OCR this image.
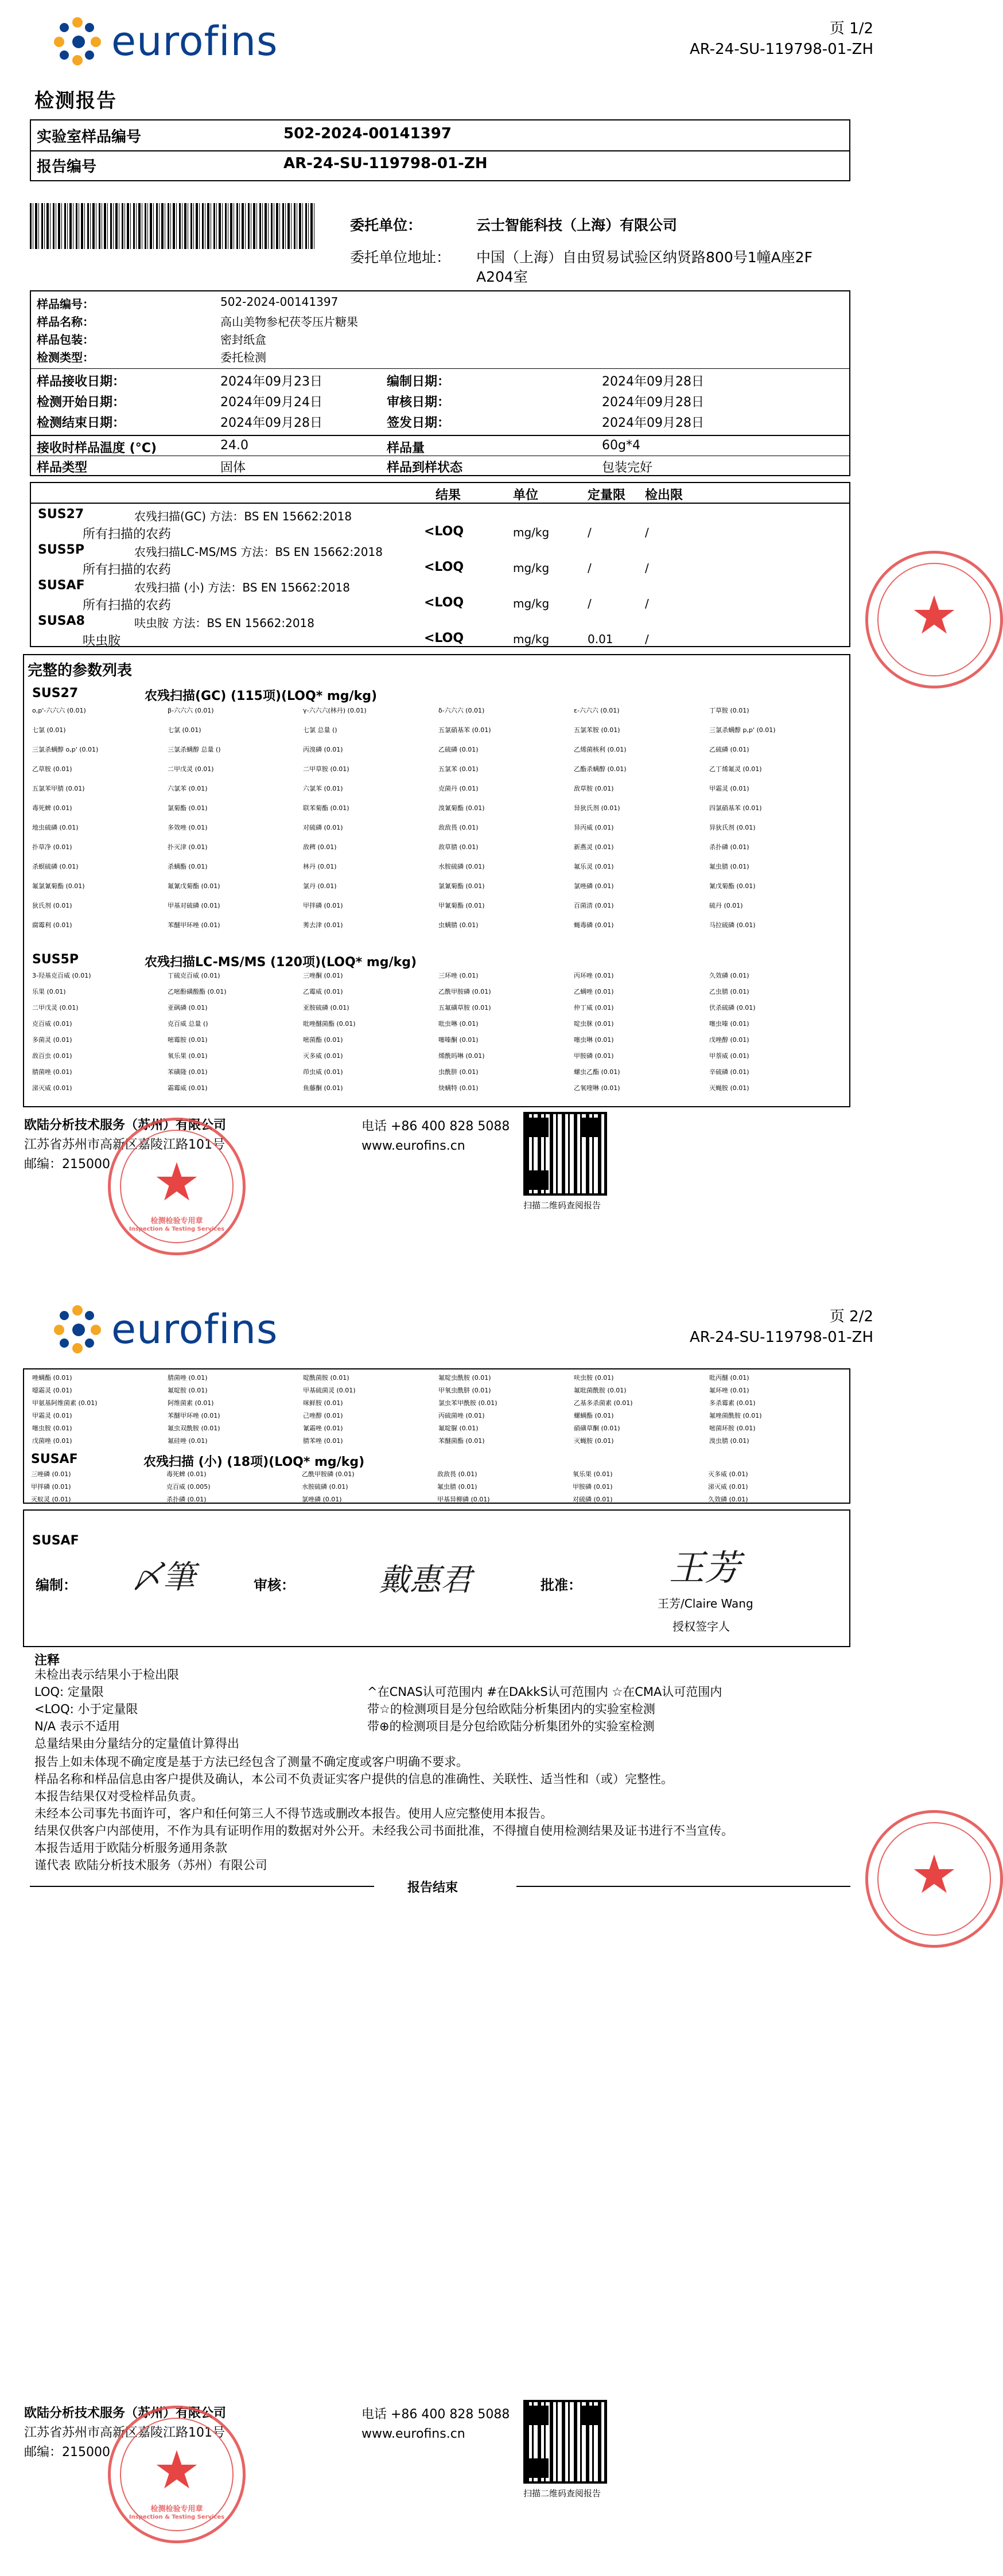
eurofins	页 1/2
AR-24-SU-119798-01-ZH
检测报告
实验室样品编号	502-2024-00141397
报告编号	AR-24-SU-119798-01-ZH
委托单位：	云士智能科技（上海）有限公司
委托单位地址： 中国（上海）自由贸易试验区纳贤路800号1幢A座2F
A204室
样品编号：	502-2024-00141397
样品名称：	高山美物参杞茯苓压片糖果
样品包装：	密封纸盒
检测类型：	委托检测
样品接收日期：	2024年09月23日	编制日期：	2024年09月28日
检测开始日期：	2024年09月24日	审核日期：	2024年09月28日
检测结束日期：	2024年09月28日	签发日期：	2024年09月28日
接收时样品温度 (°C)	24.0	样品量	60g*4
样品类型	固体	样品到样状态	包装完好
结果	单位	定量限 检出限
SUS27	农残扫描(GC) 方法：BS EN 15662:2018
所有扫描的农药	<LOQ	mg/kg	/	/
SUS5P	农残扫描LC-MS/MS 方法：BS EN 15662:2018
所有扫描的农药	<LOQ	mg/kg	/	/
SUSAF	农残扫描 (小) 方法：BS EN 15662:2018
所有扫描的农药	<LOQ	mg/kg	/	/
SUSA8	呋虫胺 方法：BS EN 15662:2018
呋虫胺	<LOQ	mg/kg	0.01	/
完整的参数列表
SUS27	农残扫描(GC) (115项)(LOQ* mg/kg)
o,p'-六六六 (0.01)	β-六六六 (0.01)	γ-六六六(林丹) (0.01)	δ-六六六 (0.01)	ε-六六六 (0.01)	丁草胺 (0.01)
七氯 (0.01)	七氯 (0.01)	七氯 总量 ()	五氯硝基苯 (0.01)	五氯苯胺 (0.01)	三氯杀螨醇 p,p' (0.01)
三氯杀螨醇 o,p' (0.01)	三氯杀螨醇 总量 ()	丙溴磷 (0.01)	乙硫磷 (0.01)	乙烯菌核利 (0.01)	乙硫磷 (0.01)
乙草胺 (0.01)	二甲戊灵 (0.01)	二甲草胺 (0.01)	五氯苯 (0.01)	乙酯杀螨醇 (0.01)	乙丁烯氟灵 (0.01)
五氯苯甲腈 (0.01)	六氯苯 (0.01)	六氯苯 (0.01)	克菌丹 (0.01)	敌草胺 (0.01)	甲霜灵 (0.01)
毒死蜱 (0.01)	氯菊酯 (0.01)	联苯菊酯 (0.01)	溴氰菊酯 (0.01)	异狄氏剂 (0.01)	四氯硝基苯 (0.01)
地虫硫磷 (0.01)	多效唑 (0.01)	对硫磷 (0.01)	敌敌畏 (0.01)	异丙威 (0.01)	异狄氏剂 (0.01)
扑草净 (0.01)	扑灭津 (0.01)	敌稗 (0.01)	敌草腈 (0.01)	新燕灵 (0.01)	杀扑磷 (0.01)
杀螟硫磷 (0.01)	杀螨酯 (0.01)	林丹 (0.01)	水胺硫磷 (0.01)	氟乐灵 (0.01)	氟虫腈 (0.01)
氟氯氰菊酯 (0.01)	氟氰戊菊酯 (0.01)	氯丹 (0.01)	氯氰菊酯 (0.01)	氯唑磷 (0.01)	氰戊菊酯 (0.01)
狄氏剂 (0.01)	甲基对硫磷 (0.01)	甲拌磷 (0.01)	甲氰菊酯 (0.01)	百菌清 (0.01)	硫丹 (0.01)
腐霉利 (0.01)	苯醚甲环唑 (0.01)	莠去津 (0.01)	虫螨腈 (0.01)	蝇毒磷 (0.01)	马拉硫磷 (0.01)
SUS5P	农残扫描LC-MS/MS (120项)(LOQ* mg/kg)
3-羟基克百威 (0.01)	丁硫克百威 (0.01)	三唑酮 (0.01)	三环唑 (0.01)	丙环唑 (0.01)	久效磷 (0.01)
乐果 (0.01)	乙嘧酚磺酸酯 (0.01)	乙霉威 (0.01)	乙酰甲胺磷 (0.01)	乙螨唑 (0.01)	乙虫腈 (0.01)
二甲戊灵 (0.01)	亚砜磷 (0.01)	亚胺硫磷 (0.01)	五氟磺草胺 (0.01)	仲丁威 (0.01)	伏杀硫磷 (0.01)
克百威 (0.01)	克百威 总量 ()	吡唑醚菌酯 (0.01)	吡虫啉 (0.01)	啶虫脒 (0.01)	噻虫嗪 (0.01)
多菌灵 (0.01)	嘧霉胺 (0.01)	嘧菌酯 (0.01)	噻嗪酮 (0.01)	噻虫啉 (0.01)	戊唑醇 (0.01)
敌百虫 (0.01)	氧乐果 (0.01)	灭多威 (0.01)	烯酰吗啉 (0.01)	甲胺磷 (0.01)	甲萘威 (0.01)
腈菌唑 (0.01)	苯磺隆 (0.01)	茚虫威 (0.01)	虫酰肼 (0.01)	螺虫乙酯 (0.01)	辛硫磷 (0.01)
涕灭威 (0.01)	霜霉威 (0.01)	鱼藤酮 (0.01)	炔螨特 (0.01)	乙氧喹啉 (0.01)	灭蝇胺 (0.01)
欧陆分析技术服务（苏州）有限公司
江苏省苏州市高新区嘉陵江路101号
邮编：215000
电话 +86 400 828 5088
www.eurofins.cn
扫描二维码查阅报告
★
检测检验专用章
Inspection & Testing Services
★
eurofins	页 2/2
AR-24-SU-119798-01-ZH
唑螨酯 (0.01)	腈菌唑 (0.01)	啶酰菌胺 (0.01)	氟啶虫酰胺 (0.01)	呋虫胺 (0.01)	吡丙醚 (0.01)
噁霜灵 (0.01)	氟啶胺 (0.01)	甲基硫菌灵 (0.01)	甲氧虫酰肼 (0.01)	氟吡菌酰胺 (0.01)	氟环唑 (0.01)
甲氨基阿维菌素 (0.01)	阿维菌素 (0.01)	咪鲜胺 (0.01)	氯虫苯甲酰胺 (0.01)	乙基多杀菌素 (0.01)	多杀霉素 (0.01)
甲霜灵 (0.01)	苯醚甲环唑 (0.01)	己唑醇 (0.01)	丙硫菌唑 (0.01)	螺螨酯 (0.01)	氟唑菌酰胺 (0.01)
噻虫胺 (0.01)	氟虫双酰胺 (0.01)	氰霜唑 (0.01)	氟啶脲 (0.01)	硝磺草酮 (0.01)	嘧菌环胺 (0.01)
戊菌唑 (0.01)	氟硅唑 (0.01)	腈苯唑 (0.01)	苯醚菌酯 (0.01)	灭蝇胺 (0.01)	溴虫腈 (0.01)
SUSAF
SUSAF	农残扫描 (小) (18项)(LOQ* mg/kg)
三唑磷 (0.01)	毒死蜱 (0.01)	乙酰甲胺磷 (0.01)	敌敌畏 (0.01)	氧乐果 (0.01)	灭多威 (0.01)
甲拌磷 (0.01)	克百威 (0.005)	水胺硫磷 (0.01)	氟虫腈 (0.01)	甲胺磷 (0.01)	涕灭威 (0.01)
灭蚁灵 (0.01)	杀扑磷 (0.01)	氯唑磷 (0.01)	甲基异柳磷 (0.01)	对硫磷 (0.01)	久效磷 (0.01)
编制： 〆筆	审核：	戴惠君	批准： 王芳
王芳/Claire Wang
授权签字人
注释
未检出表示结果小于检出限
LOQ: 定量限
<LOQ: 小于定量限
N/A 表示不适用
总量结果由分量结分的定量值计算得出
^在CNAS认可范围内 #在DAkkS认可范围内 ☆在CMA认可范围内
带☆的检测项目是分包给欧陆分析集团内的实验室检测
带⊕的检测项目是分包给欧陆分析集团外的实验室检测
报告上如未体现不确定度是基于方法已经包含了测量不确定度或客户明确不要求。
样品名称和样品信息由客户提供及确认，本公司不负责证实客户提供的信息的准确性、关联性、适当性和（或）完整性。
本报告结果仅对受检样品负责。
未经本公司事先书面许可，客户和任何第三人不得节选或删改本报告。使用人应完整使用本报告。
结果仅供客户内部使用，不作为具有证明作用的数据对外公开。未经我公司书面批准，不得擅自使用检测结果及证书进行不当宣传。
本报告适用于欧陆分析服务通用条款
谨代表 欧陆分析技术服务（苏州）有限公司
报告结束	★
欧陆分析技术服务（苏州）有限公司
江苏省苏州市高新区嘉陵江路101号
邮编：215000
电话 +86 400 828 5088
www.eurofins.cn
扫描二维码查阅报告
★
检测检验专用章
Inspection & Testing Services
